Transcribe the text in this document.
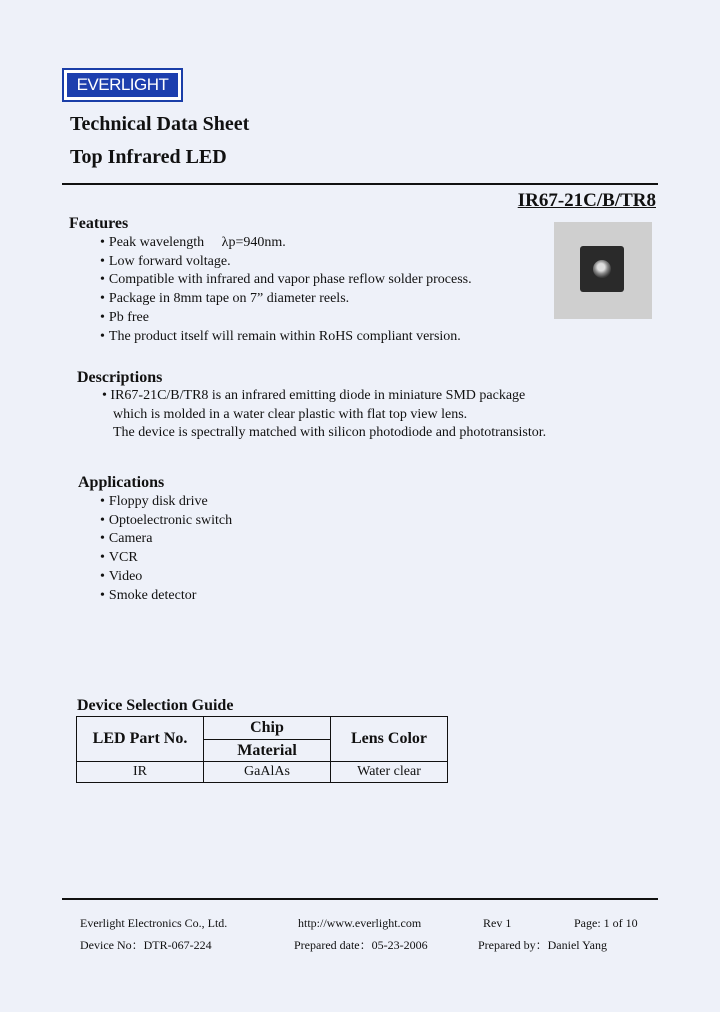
EVERLIGHT
Technical Data Sheet
Top Infrared LED
IR67-21C/B/TR8
Features
• Peak wavelength 　λp=940nm.
• Low forward voltage.
• Compatible with infrared and vapor phase reflow solder process.
• Package in 8mm tape on 7” diameter reels.
• Pb free
• The product itself will remain within RoHS compliant version.
Descriptions
• IR67-21C/B/TR8 is an infrared emitting diode in miniature SMD package
which is molded in a water clear plastic with flat top view lens.
The device is spectrally matched with silicon photodiode and phototransistor.
Applications
• Floppy disk drive
• Optoelectronic switch
• Camera
• VCR
• Video
• Smoke detector
Device Selection Guide
LED Part No.	Chip	Lens Color
	Material	
IR	GaAlAs	Water clear
Everlight Electronics Co., Ltd.	http://www.everlight.com	Rev 1	Page: 1 of 10
Device No：DTR-067-224	Prepared date：05-23-2006	Prepared by：Daniel Yang
